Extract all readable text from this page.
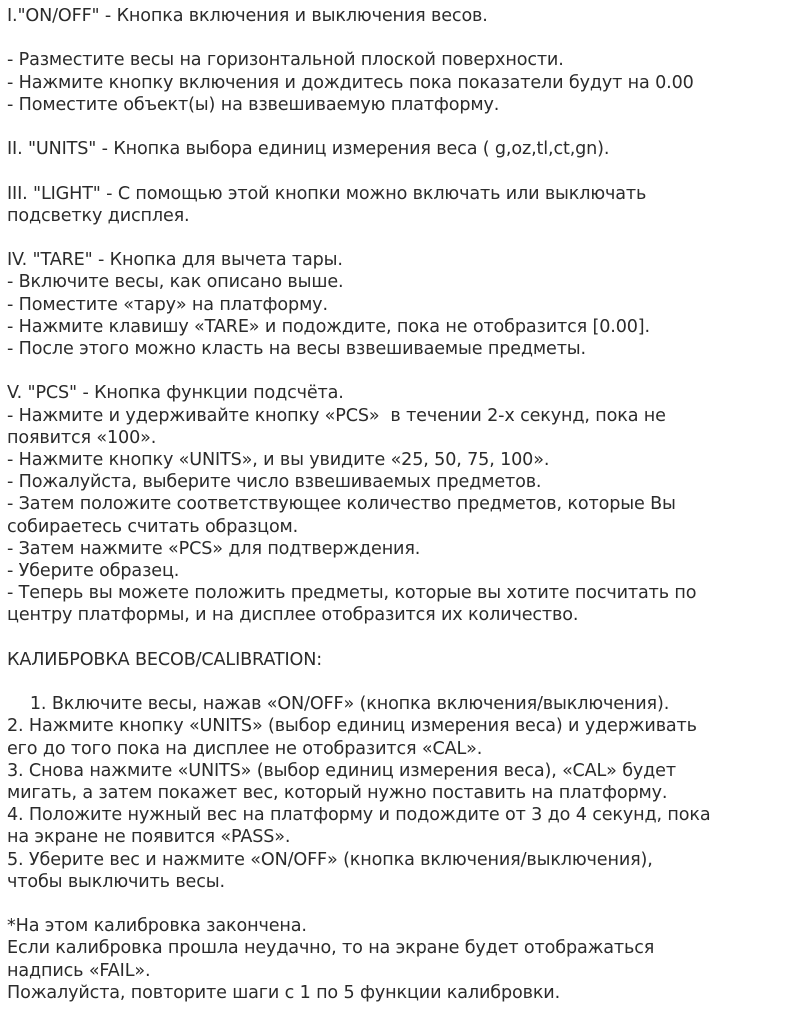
I."ON/OFF" - Кнопка включения и выключения весов.
- Разместите весы на горизонтальной плоской поверхности.
- Нажмите кнопку включения и дождитесь пока показатели будут на 0.00
- Поместите объект(ы) на взвешиваемую платформу.
II. "UNITS" - Кнопка выбора единиц измерения веса ( g,oz,tl,ct,gn).
III. "LIGHT" - С помощью этой кнопки можно включать или выключать
подсветку дисплея.
IV. "TARE" - Кнопка для вычета тары.
- Включите весы, как описано выше.
- Поместите «тару» на платформу.
- Нажмите клавишу «TARE» и подождите, пока не отобразится [0.00].
- После этого можно класть на весы взвешиваемые предметы.
V. "PCS" - Кнопка функции подсчёта.
- Нажмите и удерживайте кнопку «PCS»  в течении 2-х секунд, пока не
появится «100».
- Нажмите кнопку «UNITS», и вы увидите «25, 50, 75, 100».
- Пожалуйста, выберите число взвешиваемых предметов.
- Затем положите соответствующее количество предметов, которые Вы
собираетесь считать образцом.
- Затем нажмите «PCS» для подтверждения.
- Уберите образец.
- Теперь вы можете положить предметы, которые вы хотите посчитать по
центру платформы, и на дисплее отобразится их количество.
КАЛИБРОВКА ВЕСОВ/CALIBRATION:
1. Включите весы, нажав «ON/OFF» (кнопка включения/выключения).
2. Нажмите кнопку «UNITS» (выбор единиц измерения веса) и удерживать
его до того пока на дисплее не отобразится «CAL».
3. Снова нажмите «UNITS» (выбор единиц измерения веса), «CAL» будет
мигать, а затем покажет вес, который нужно поставить на платформу.
4. Положите нужный вес на платформу и подождите от 3 до 4 секунд, пока
на экране не появится «PASS».
5. Уберите вес и нажмите «ON/OFF» (кнопка включения/выключения),
чтобы выключить весы.
*На этом калибровка закончена.
Если калибровка прошла неудачно, то на экране будет отображаться
надпись «FAIL».
Пожалуйста, повторите шаги с 1 по 5 функции калибровки.
